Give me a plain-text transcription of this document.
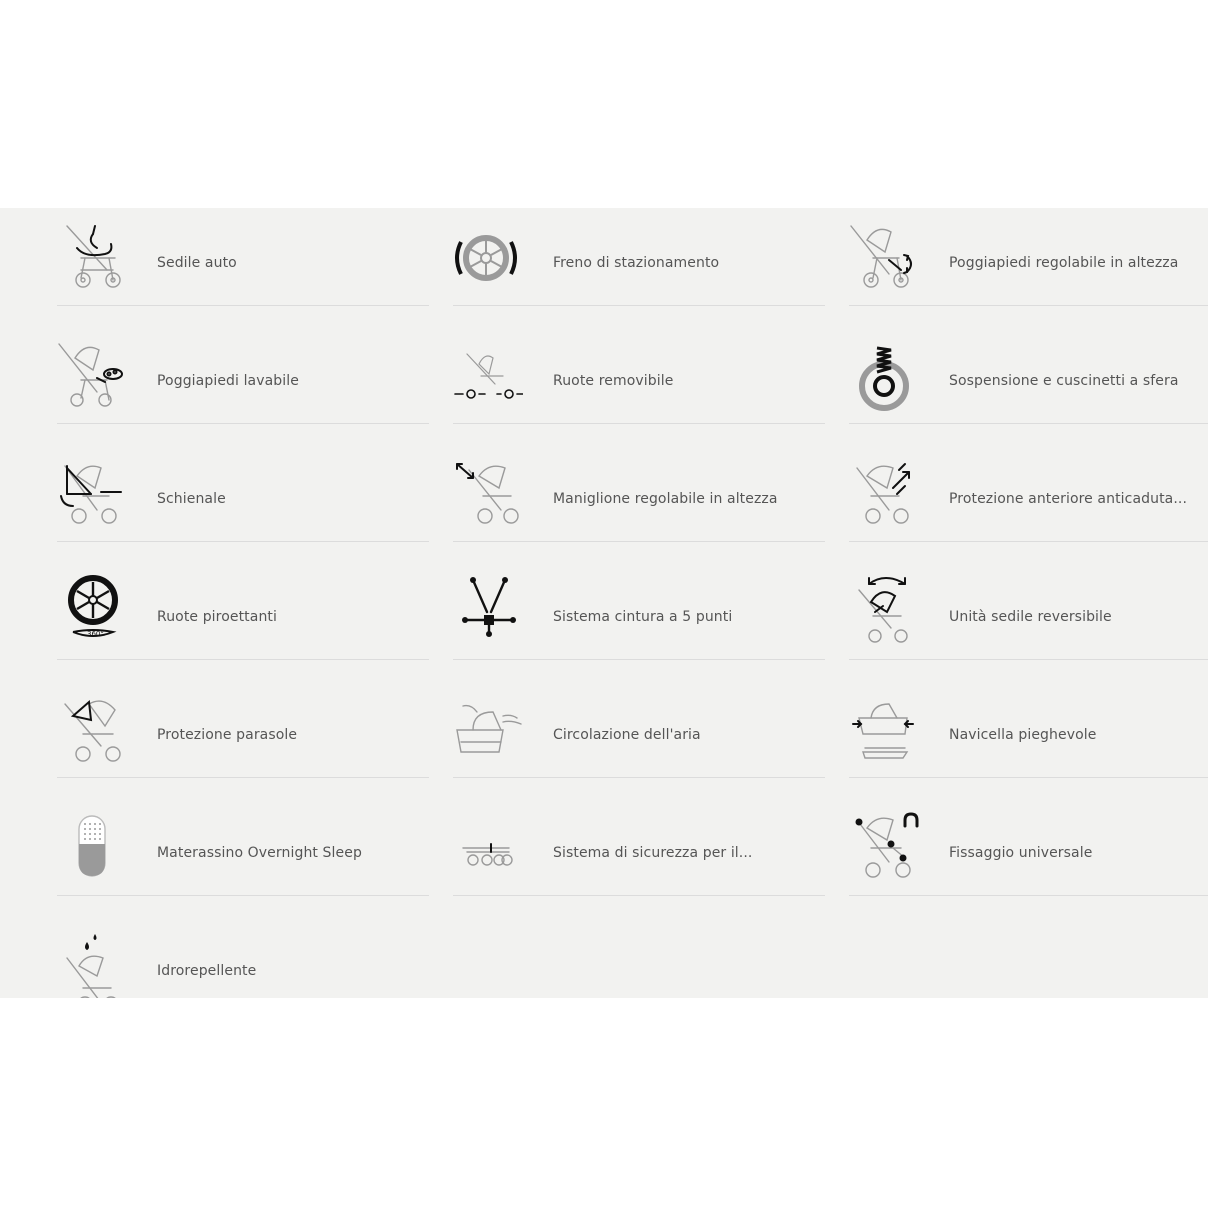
Sedile auto	Freno di stazionamento	Poggiapiedi regolabile in altezza
Poggiapiedi lavabile	Ruote removibile	Sospensione e cuscinetti a sfera
Schienale	Maniglione regolabile in altezza	Protezione anteriore anticaduta...
360°
Ruote piroettanti	Sistema cintura a 5 punti	Unità sedile reversibile
Protezione parasole	Circolazione dell'aria	Navicella pieghevole
Materassino Overnight Sleep	Sistema di sicurezza per il...	Fissaggio universale
Idrorepellente
